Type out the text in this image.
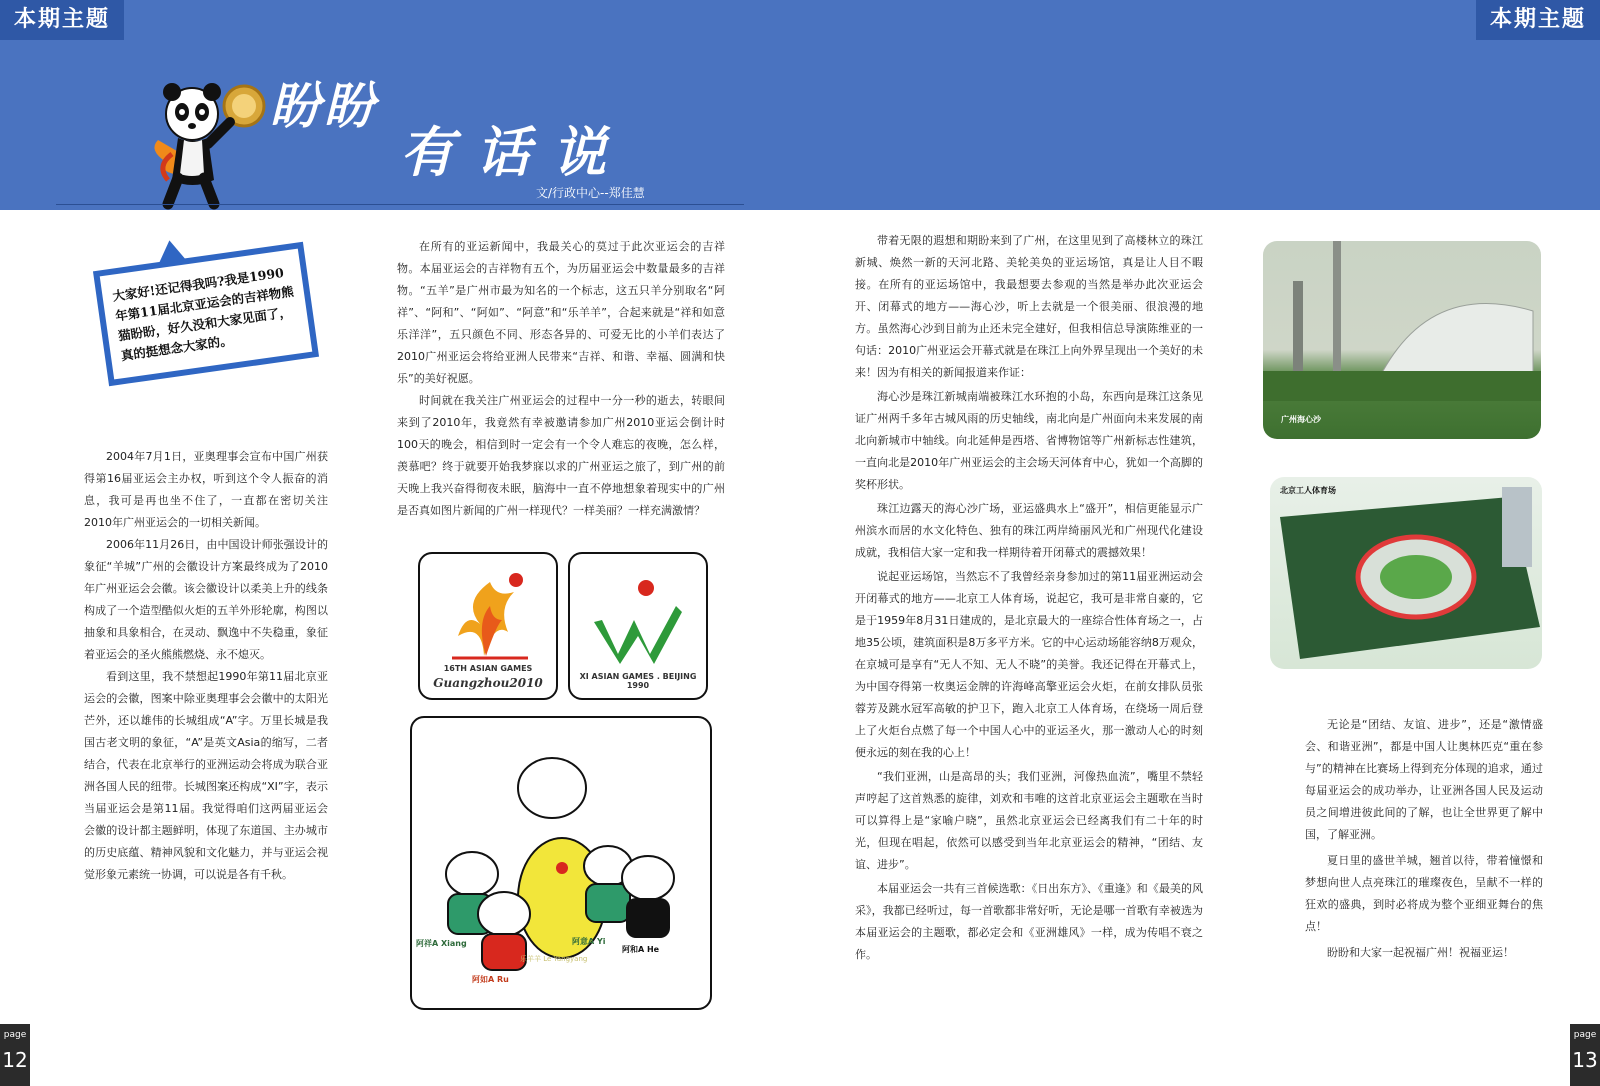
本期主题	本期主题
盼盼
有话说
文/行政中心--郑佳慧
大家好!还记得我吗?我是1990年第11届北京亚运会的吉祥物熊猫盼盼，好久没和大家见面了，真的挺想念大家的。

2004年7月1日，亚奥理事会宣布中国广州获得第16届亚运会主办权，听到这个令人振奋的消息，我可是再也坐不住了，一直都在密切关注2010年广州亚运会的一切相关新闻。

2006年11月26日，由中国设计师张强设计的象征“羊城”广州的会徽设计方案最终成为了2010年广州亚运会会徽。该会徽设计以柔美上升的线条构成了一个造型酷似火炬的五羊外形轮廓，构图以抽象和具象相合，在灵动、飘逸中不失稳重，象征着亚运会的圣火熊熊燃烧、永不熄灭。

看到这里，我不禁想起1990年第11届北京亚运会的会徽，图案中除亚奥理事会会徽中的太阳光芒外，还以雄伟的长城组成“A”字。万里长城是我国古老文明的象征，“A”是英文Asia的缩写，二者结合，代表在北京举行的亚洲运动会将成为联合亚洲各国人民的纽带。长城图案还构成“XI”字，表示 当届亚运会是第11届。我觉得咱们这两届亚运会会徽的设计都主题鲜明，体现了东道国、主办城市的历史底蕴、精神风貌和文化魅力，并与亚运会视觉形象元素统一协调，可以说是各有千秋。

在所有的亚运新闻中，我最关心的莫过于此次亚运会的吉祥物。本届亚运会的吉祥物有五个，为历届亚运会中数量最多的吉祥物。“五羊”是广州市最为知名的一个标志，这五只羊分别取名“阿祥”、“阿和”、“阿如”、“阿意”和“乐羊羊”，合起来就是“祥和如意乐洋洋”，五只颜色不同、形态各异的、可爱无比的小羊们表达了2010广州亚运会将给亚洲人民带来“吉祥、和谐、幸福、圆满和快乐”的美好祝愿。

时间就在我关注广州亚运会的过程中一分一秒的逝去，转眼间来到了2010年，我竟然有幸被邀请参加广州2010亚运会倒计时100天的晚会，相信到时一定会有一个令人难忘的夜晚，怎么样，羡慕吧？终于就要开始我梦寐以求的广州亚运之旅了，到广州的前天晚上我兴奋得彻夜未眠，脑海中一直不停地想象着现实中的广州是否真如图片新闻的广州一样现代？一样美丽？一样充满激情？

16TH ASIAN GAMES
Guangzhou2010	XI ASIAN GAMES . BEIJING 1990
阿祥A Xiang	阿意A Yi
阿和A He
阿如A Ru
乐羊羊 Le Yangyang

带着无限的遐想和期盼来到了广州，在这里见到了高楼林立的珠江新城、焕然一新的天河北路、美轮美奂的亚运场馆，真是让人目不暇接。在所有的亚运场馆中，我最想要去参观的当然是举办此次亚运会开、闭幕式的地方——海心沙，听上去就是一个很美丽、很浪漫的地方。虽然海心沙到目前为止还未完全建好，但我相信总导演陈维亚的一句话：2010广州亚运会开幕式就是在珠江上向外界呈现出一个美好的未来！因为有相关的新闻报道来作证：

海心沙是珠江新城南端被珠江水环抱的小岛，东西向是珠江这条见证广州两千多年古城风雨的历史轴线，南北向是广州面向未来发展的南北向新城市中轴线。向北延伸是西塔、省博物馆等广州新标志性建筑，一直向北是2010年广州亚运会的主会场天河体育中心，犹如一个高脚的奖杯形状。

珠江边露天的海心沙广场，亚运盛典水上“盛开”，相信更能显示广州滨水而居的水文化特色、独有的珠江两岸绮丽风光和广州现代化建设成就，我相信大家一定和我一样期待着开闭幕式的震撼效果！

说起亚运场馆，当然忘不了我曾经亲身参加过的第11届亚洲运动会开闭幕式的地方——北京工人体育场，说起它，我可是非常自豪的，它是于1959年8月31日建成的，是北京最大的一座综合性体育场之一，占地35公顷，建筑面积是8万多平方米。它的中心运动场能容纳8万观众，在京城可是享有“无人不知、无人不晓”的美誉。我还记得在开幕式上，为中国夺得第一枚奥运金牌的许海峰高擎亚运会火炬，在前女排队员张蓉芳及跳水冠军高敏的护卫下，跑入北京工人体育场，在绕场一周后登上了火炬台点燃了每一个中国人心中的亚运圣火，那一激动人心的时刻便永远的刻在我的心上！

“我们亚洲，山是高昂的头；我们亚洲，河像热血流”，嘴里不禁轻声哼起了这首熟悉的旋律，刘欢和韦唯的这首北京亚运会主题歌在当时可以算得上是“家喻户晓”，虽然北京亚运会已经离我们有二十年的时光，但现在唱起，依然可以感受到当年北京亚运会的精神，“团结、友谊、进步”。

本届亚运会一共有三首候选歌：《日出东方》、《重逢》和《最美的风采》，我都已经听过，每一首歌都非常好听，无论是哪一首歌有幸被选为本届亚运会的主题歌，都必定会和《亚洲雄风》一样，成为传唱不衰之作。

广州海心沙
北京工人体育场

无论是“团结、友谊、进步”，还是“激情盛会、和谐亚洲”，都是中国人让奥林匹克“重在参与”的精神在比赛场上得到充分体现的追求，通过每届亚运会的成功举办，让亚洲各国人民及运动员之间增进彼此间的了解，也让全世界更了解中国，了解亚洲。

夏日里的盛世羊城，翘首以待，带着憧憬和梦想向世人点亮珠江的璀璨夜色，呈献不一样的狂欢的盛典，到时必将成为整个亚细亚舞台的焦点！

盼盼和大家一起祝福广州！祝福亚运！

page
12
page
13
